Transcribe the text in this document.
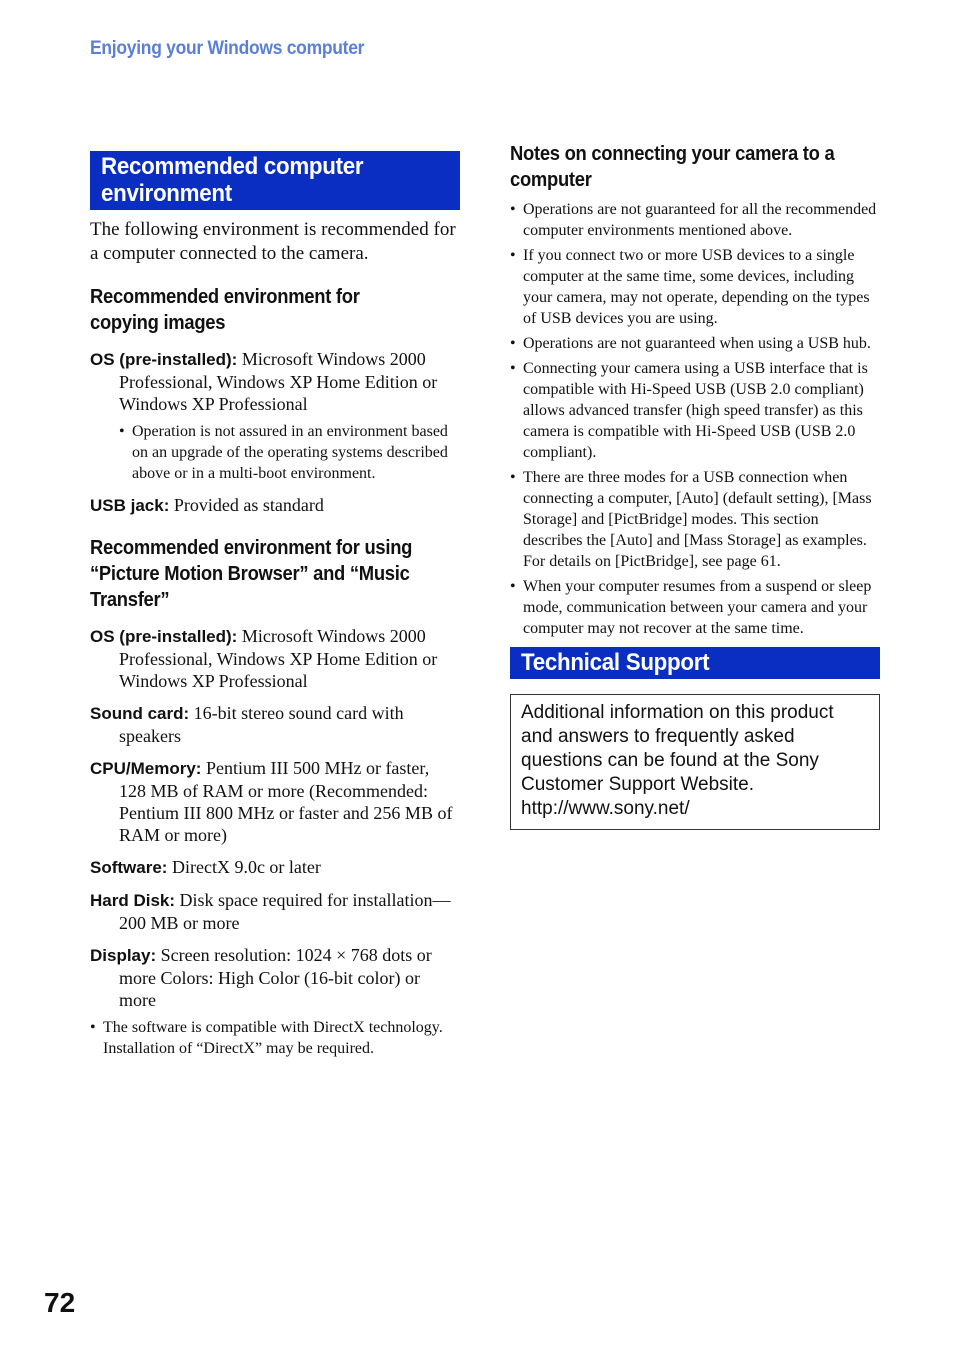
Enjoying your Windows computer
Recommended computer environment

The following environment is recommended for a computer connected to the camera.

Recommended environment for copying images

OS (pre-installed): Microsoft Windows 2000 Professional, Windows XP Home Edition or Windows XP Professional

• Operation is not assured in an environment based on an upgrade of the operating systems described above or in a multi-boot environment.

USB jack: Provided as standard

Recommended environment for using “Picture Motion Browser” and “Music Transfer”

OS (pre-installed): Microsoft Windows 2000 Professional, Windows XP Home Edition or Windows XP Professional

Sound card: 16-bit stereo sound card with speakers

CPU/Memory: Pentium III 500 MHz or faster, 128 MB of RAM or more (Recommended: Pentium III 800 MHz or faster and 256 MB of RAM or more)

Software: DirectX 9.0c or later

Hard Disk: Disk space required for installation—200 MB or more

Display: Screen resolution: 1024 × 768 dots or more Colors: High Color (16-bit color) or more

• The software is compatible with DirectX technology. Installation of “DirectX” may be required.

Notes on connecting your camera to a computer
• Operations are not guaranteed for all the recommended computer environments mentioned above.
• If you connect two or more USB devices to a single computer at the same time, some devices, including your camera, may not operate, depending on the types of USB devices you are using.
• Operations are not guaranteed when using a USB hub.
• Connecting your camera using a USB interface that is compatible with Hi-Speed USB (USB 2.0 compliant) allows advanced transfer (high speed transfer) as this camera is compatible with Hi-Speed USB (USB 2.0 compliant).
• There are three modes for a USB connection when connecting a computer, [Auto] (default setting), [Mass Storage] and [PictBridge] modes. This section describes the [Auto] and [Mass Storage] as examples. For details on [PictBridge], see page 61.
• When your computer resumes from a suspend or sleep mode, communication between your camera and your computer may not recover at the same time.
Technical Support
Additional information on this product and answers to frequently asked questions can be found at the Sony Customer Support Website.
http://www.sony.net/
72
